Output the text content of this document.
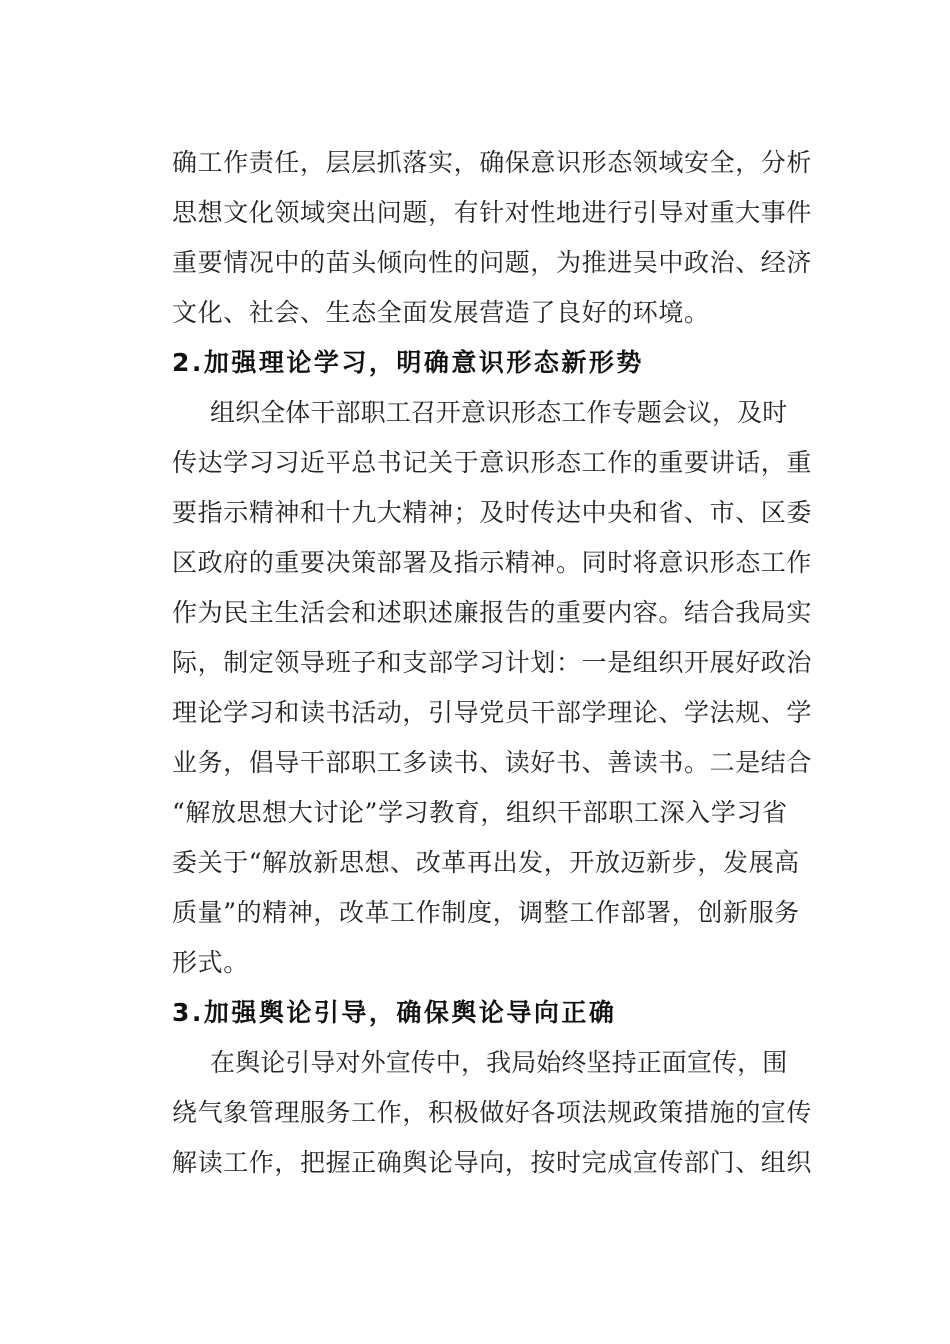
确工作责任，层层抓落实，确保意识形态领域安全，分析
思想文化领域突出问题，有针对性地进行引导对重大事件
重要情况中的苗头倾向性的问题，为推进吴中政治、经济
文化、社会、生态全面发展营造了良好的环境。
2.加强理论学习，明确意识形态新形势
组织全体干部职工召开意识形态工作专题会议，及时
传达学习习近平总书记关于意识形态工作的重要讲话，重
要指示精神和十九大精神；及时传达中央和省、市、区委
区政府的重要决策部署及指示精神。同时将意识形态工作
作为民主生活会和述职述廉报告的重要内容。结合我局实
际，制定领导班子和支部学习计划：一是组织开展好政治
理论学习和读书活动，引导党员干部学理论、学法规、学
业务，倡导干部职工多读书、读好书、善读书。二是结合
“解放思想大讨论”学习教育，组织干部职工深入学习省
委关于“解放新思想、改革再出发，开放迈新步，发展高
质量”的精神，改革工作制度，调整工作部署，创新服务
形式。
3.加强舆论引导，确保舆论导向正确
在舆论引导对外宣传中，我局始终坚持正面宣传，围
绕气象管理服务工作，积极做好各项法规政策措施的宣传
解读工作，把握正确舆论导向，按时完成宣传部门、组织
